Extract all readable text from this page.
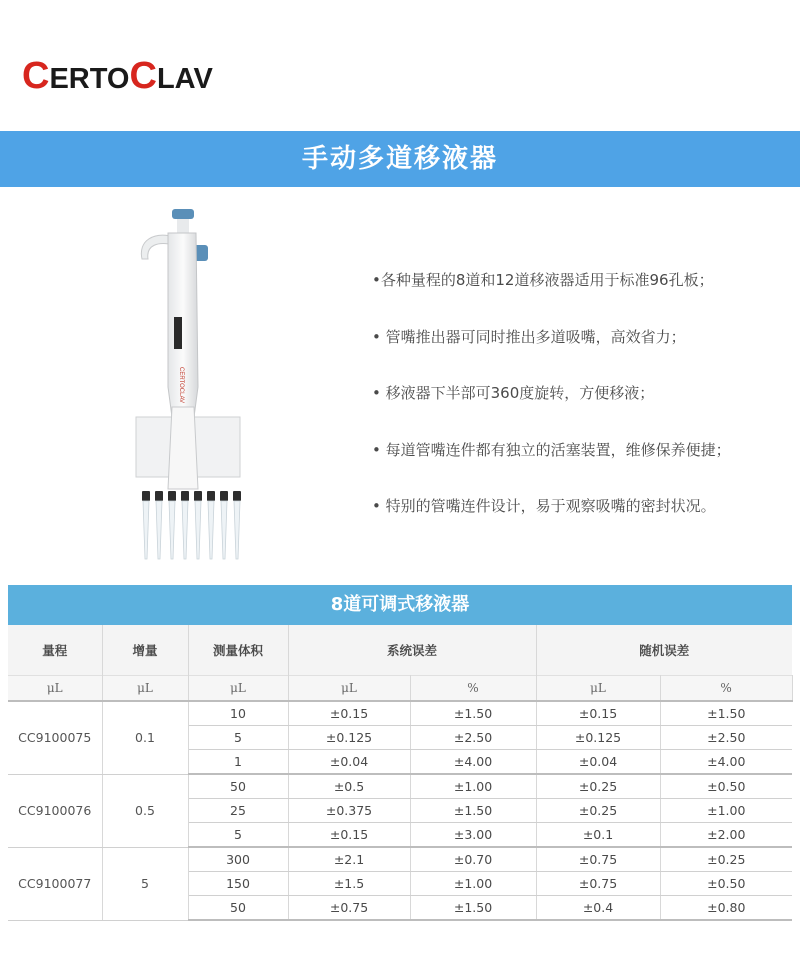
CERTOCLAV
手动多道移液器
CERTOCLAV
•各种量程的8道和12道移液器适用于标准96孔板；
• 管嘴推出器可同时推出多道吸嘴，高效省力；
• 移液器下半部可360度旋转，方便移液；
• 每道管嘴连件都有独立的活塞装置，维修保养便捷；
• 特别的管嘴连件设计，易于观察吸嘴的密封状况。
8道可调式移液器
量程	增量	测量体积	系统误差		随机误差	
μL	μL	μL	μL	%	μL	%
CC9100075	0.1	10	±0.15	±1.50	±0.15	±1.50
		5	±0.125	±2.50	±0.125	±2.50
		1	±0.04	±4.00	±0.04	±4.00
CC9100076	0.5	50	±0.5	±1.00	±0.25	±0.50
		25	±0.375	±1.50	±0.25	±1.00
		5	±0.15	±3.00	±0.1	±2.00
CC9100077	5	300	±2.1	±0.70	±0.75	±0.25
		150	±1.5	±1.00	±0.75	±0.50
		50	±0.75	±1.50	±0.4	±0.80
